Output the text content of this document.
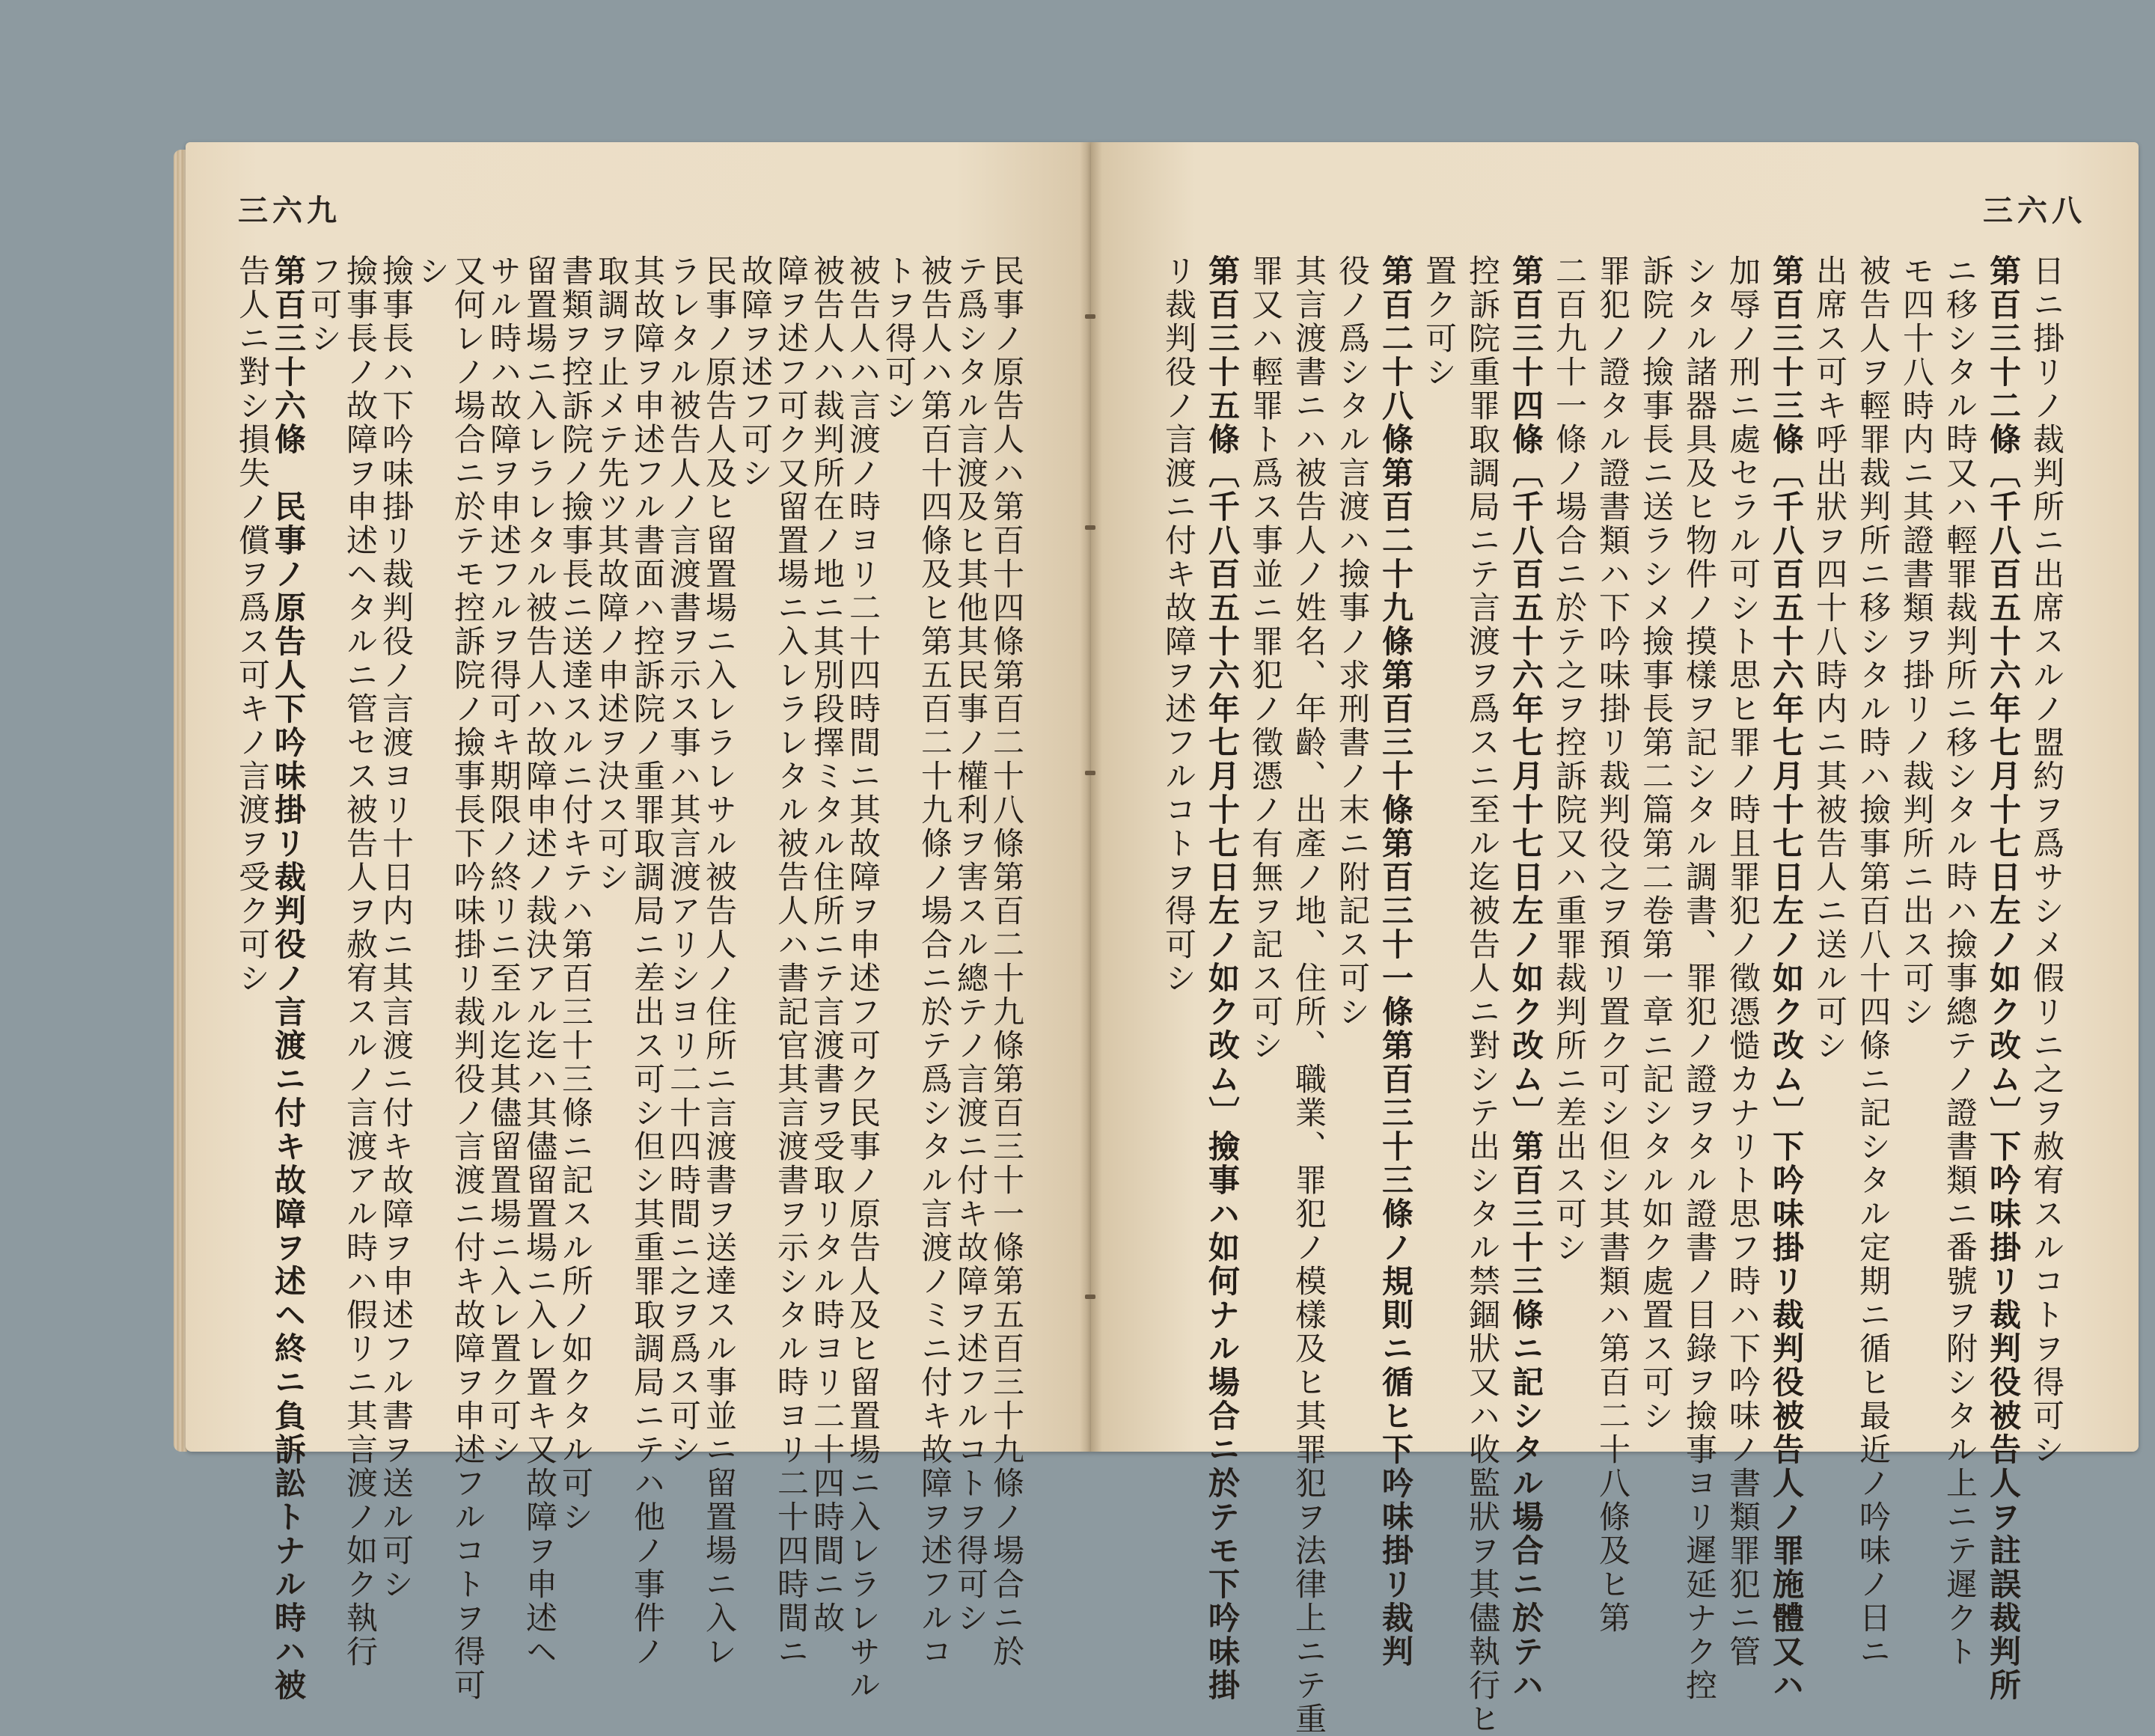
三六九
民事ノ原告人ハ第百十四條第百二十八條第百二十九條第百三十一條第五百三十九條ノ場合ニ於
テ爲シタル言渡及ヒ其他其民事ノ權利ヲ害スル總テノ言渡ニ付キ故障ヲ述フルコトヲ得可シ
被告人ハ第百十四條及ヒ第五百二十九條ノ場合ニ於テ爲シタル言渡ノミニ付キ故障ヲ述フルコ
トヲ得可シ
被告人ハ言渡ノ時ヨリ二十四時間ニ其故障ヲ申述フ可ク民事ノ原告人及ヒ留置場ニ入レラレサル
被告人ハ裁判所在ノ地ニ其別段擇ミタル住所ニテ言渡書ヲ受取リタル時ヨリ二十四時間ニ故
障ヲ述フ可ク又留置場ニ入レラレタル被告人ハ書記官其言渡書ヲ示シタル時ヨリ二十四時間ニ
故障ヲ述フ可シ
民事ノ原告人及ヒ留置場ニ入レラレサル被告人ノ住所ニ言渡書ヲ送達スル事並ニ留置場ニ入レ
ラレタル被告人ノ言渡書ヲ示ス事ハ其言渡アリシヨリ二十四時間ニ之ヲ爲ス可シ
其故障ヲ申述フル書面ハ控訴院ノ重罪取調局ニ差出ス可シ但シ其重罪取調局ニテハ他ノ事件ノ
取調ヲ止メテ先ツ其故障ノ申述ヲ決ス可シ
書類ヲ控訴院ノ撿事長ニ送達スルニ付キテハ第百三十三條ニ記スル所ノ如クタル可シ
留置場ニ入レラレタル被告人ハ故障申述ノ裁決アル迄ハ其儘留置場ニ入レ置キ又故障ヲ申述ヘ
サル時ハ故障ヲ申述フルヲ得可キ期限ノ終リニ至ル迄其儘留置場ニ入レ置ク可シ
又何レノ場合ニ於テモ控訴院ノ撿事長下吟味掛リ裁判役ノ言渡ニ付キ故障ヲ申述フルコトヲ得可
シ
撿事長ハ下吟味掛リ裁判役ノ言渡ヨリ十日内ニ其言渡ニ付キ故障ヲ申述フル書ヲ送ル可シ
撿事長ノ故障ヲ申述ヘタルニ管セス被告人ヲ赦宥スルノ言渡アル時ハ假リニ其言渡ノ如ク執行
フ可シ
第百三十六條　民事ノ原告人下吟味掛リ裁判役ノ言渡ニ付キ故障ヲ述ヘ終ニ負訴訟トナル時ハ被
告人ニ對シ損失ノ償ヲ爲ス可キノ言渡ヲ受ク可シ
三六八
日ニ掛リノ裁判所ニ出席スルノ盟約ヲ爲サシメ假リニ之ヲ赦宥スルコトヲ得可シ
第百三十二條〔千八百五十六年七月十七日左ノ如ク改ム〕下吟味掛リ裁判役被告人ヲ註誤裁判所
ニ移シタル時又ハ輕罪裁判所ニ移シタル時ハ撿事總テノ證書類ニ番號ヲ附シタル上ニテ遲クト
モ四十八時内ニ其證書類ヲ掛リノ裁判所ニ出ス可シ
被告人ヲ輕罪裁判所ニ移シタル時ハ撿事第百八十四條ニ記シタル定期ニ循ヒ最近ノ吟味ノ日ニ
出席ス可キ呼出狀ヲ四十八時内ニ其被告人ニ送ル可シ
第百三十三條〔千八百五十六年七月十七日左ノ如ク改ム〕下吟味掛リ裁判役被告人ノ罪施體又ハ
加辱ノ刑ニ處セラル可シト思ヒ罪ノ時且罪犯ノ徵憑慥カナリト思フ時ハ下吟味ノ書類罪犯ニ管
シタル諸器具及ヒ物件ノ摸樣ヲ記シタル調書、罪犯ノ證ヲタル證書ノ目錄ヲ撿事ヨリ遲延ナク控
訴院ノ撿事長ニ送ラシメ撿事長第二篇第二卷第一章ニ記シタル如ク處置ス可シ
罪犯ノ證タル證書類ハ下吟味掛リ裁判役之ヲ預リ置ク可シ但シ其書類ハ第百二十八條及ヒ第
二百九十一條ノ場合ニ於テ之ヲ控訴院又ハ重罪裁判所ニ差出ス可シ
第百三十四條〔千八百五十六年七月十七日左ノ如ク改ム〕第百三十三條ニ記シタル場合ニ於テハ
控訴院重罪取調局ニテ言渡ヲ爲スニ至ル迄被告人ニ對シテ出シタル禁錮狀又ハ收監狀ヲ其儘執行ヒ
置ク可シ
第百二十八條第百二十九條第百三十條第百三十一條第百三十三條ノ規則ニ循ヒ下吟味掛リ裁判
役ノ爲シタル言渡ハ撿事ノ求刑書ノ末ニ附記ス可シ
其言渡書ニハ被告人ノ姓名、年齡、出產ノ地、住所、職業、罪犯ノ模樣及ヒ其罪犯ヲ法律上ニテ重
罪又ハ輕罪ト爲ス事並ニ罪犯ノ徵憑ノ有無ヲ記ス可シ
第百三十五條〔千八百五十六年七月十七日左ノ如ク改ム〕撿事ハ如何ナル場合ニ於テモ下吟味掛
リ裁判役ノ言渡ニ付キ故障ヲ述フルコトヲ得可シ
